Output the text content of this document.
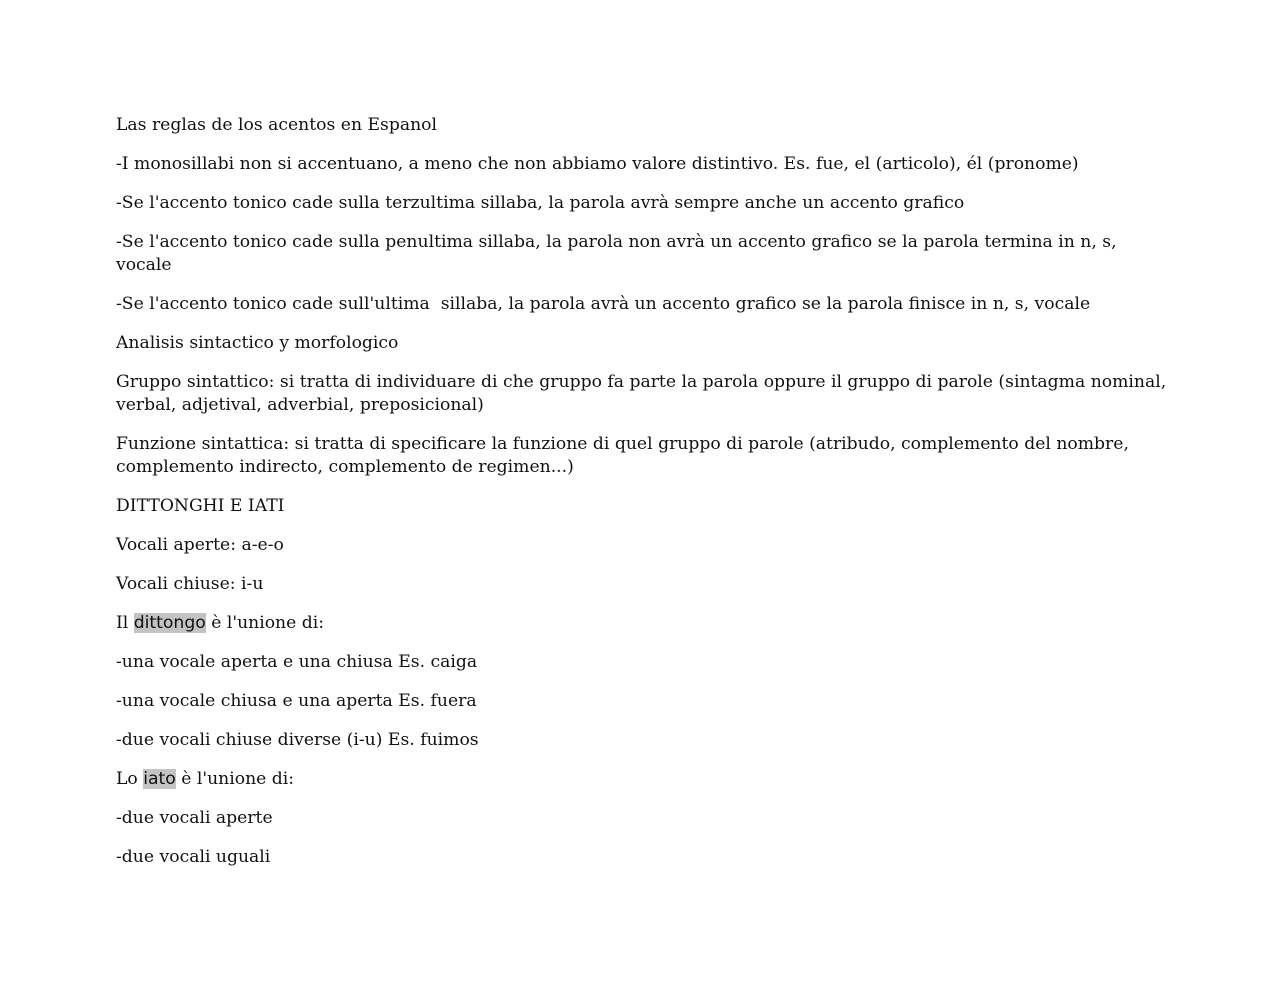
Las reglas de los acentos en Espanol

-I monosillabi non si accentuano, a meno che non abbiamo valore distintivo. Es. fue, el (articolo), él (pronome)

-Se l'accento tonico cade sulla terzultima sillaba, la parola avrà sempre anche un accento grafico

-Se l'accento tonico cade sulla penultima sillaba, la parola non avrà un accento grafico se la parola termina in n, s, vocale

-Se l'accento tonico cade sull'ultima  sillaba, la parola avrà un accento grafico se la parola finisce in n, s, vocale

Analisis sintactico y morfologico

Gruppo sintattico: si tratta di individuare di che gruppo fa parte la parola oppure il gruppo di parole (sintagma nominal, verbal, adjetival, adverbial, preposicional)

Funzione sintattica: si tratta di specificare la funzione di quel gruppo di parole (atribudo, complemento del nombre, complemento indirecto, complemento de regimen...)

DITTONGHI E IATI

Vocali aperte: a-e-o

Vocali chiuse: i-u

Il dittongo è l'unione di:

-una vocale aperta e una chiusa Es. caiga

-una vocale chiusa e una aperta Es. fuera

-due vocali chiuse diverse (i-u) Es. fuimos

Lo iato è l'unione di:

-due vocali aperte

-due vocali uguali
